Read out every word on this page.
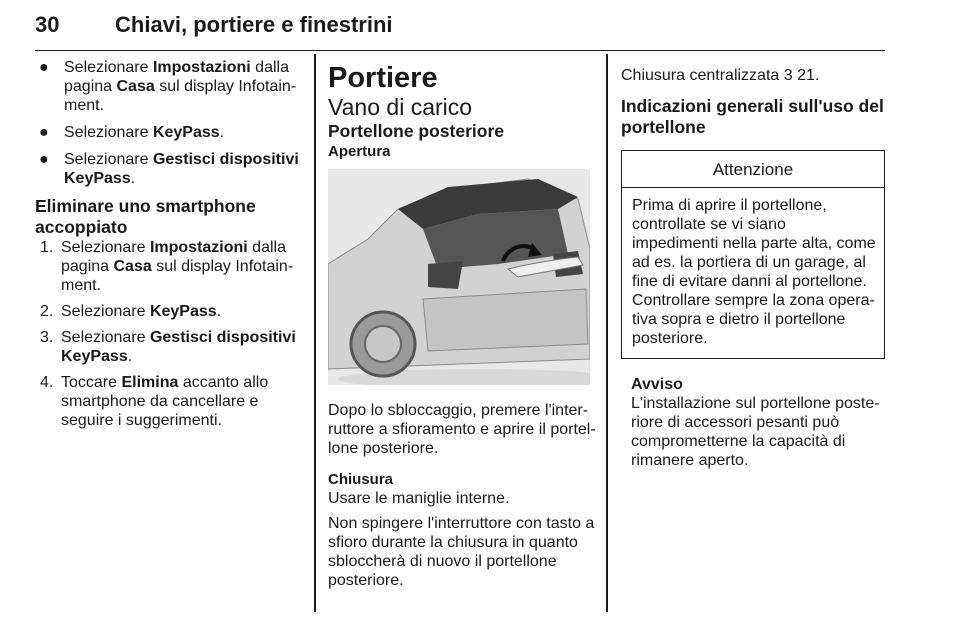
30	Chiavi, portiere e finestrini
● Selezionare Impostazioni dalla pagina Casa sul display Infotainment.
● Selezionare KeyPass.
● Selezionare Gestisci dispositivi KeyPass.

Eliminare uno smartphone accoppiato

1. Selezionare Impostazioni dalla pagina Casa sul display Infotainment.
2. Selezionare KeyPass.
3. Selezionare Gestisci dispositivi KeyPass.
4. Toccare Elimina accanto allo smartphone da cancellare e seguire i suggerimenti.

Portiere

Vano di carico

Portellone posteriore

Apertura

Dopo lo sbloccaggio, premere l'interruttore a sfioramento e aprire il portellone posteriore.

Chiusura

Usare le maniglie interne.

Non spingere l'interruttore con tasto a sfioro durante la chiusura in quanto sbloccherà di nuovo il portellone posteriore.

Chiusura centralizzata 3 21.

Indicazioni generali sull'uso del portellone

Attenzione
Prima di aprire il portellone, controllate se vi siano impedimenti nella parte alta, come ad es. la portiera di un garage, al fine di evitare danni al portellone. Controllare sempre la zona operativa sopra e dietro il portellone posteriore.

Avviso

L'installazione sul portellone posteriore di accessori pesanti può comprometterne la capacità di rimanere aperto.
